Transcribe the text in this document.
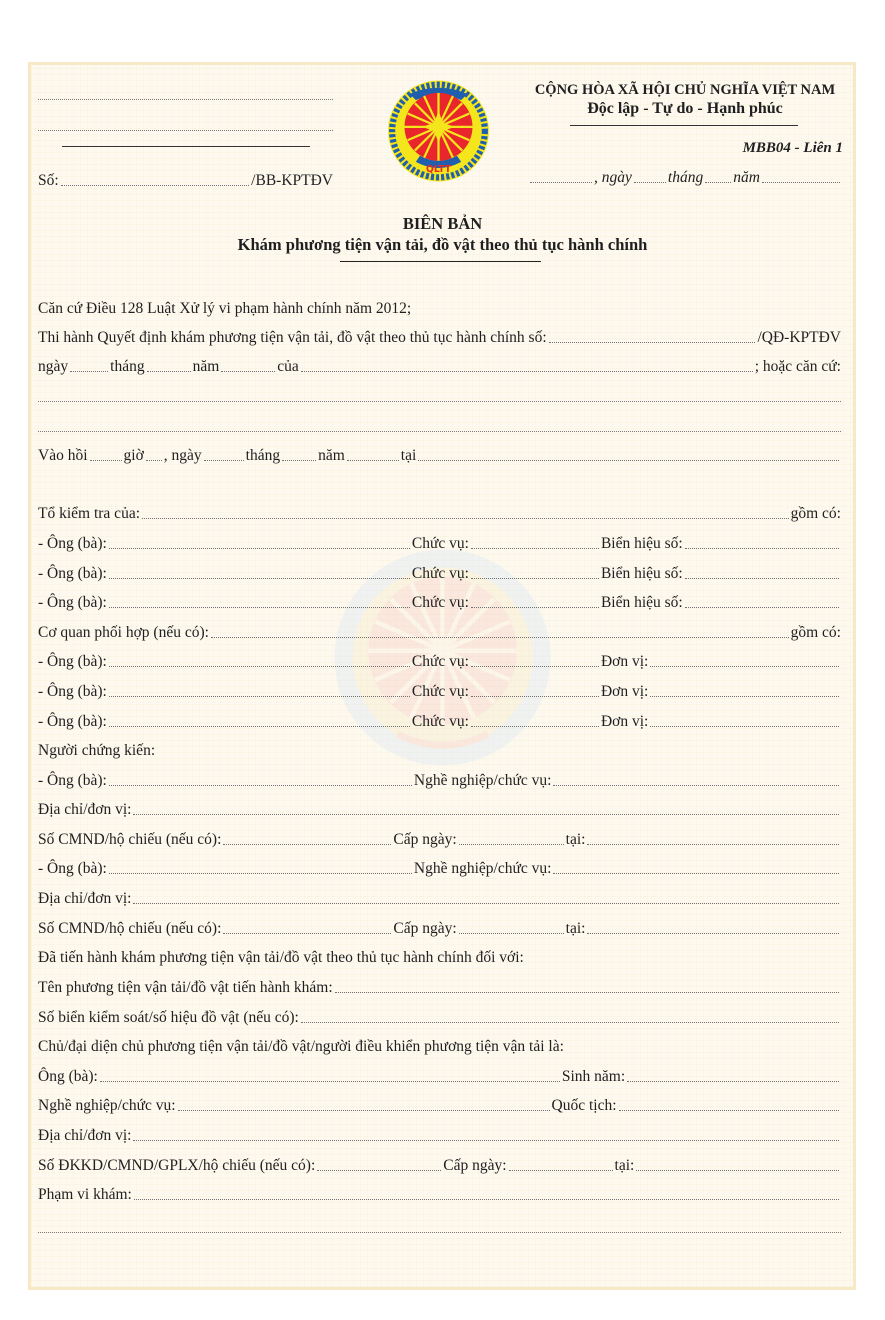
Số:	/BB-KPTĐV
QLTT
CỘNG HÒA XÃ HỘI CHỦ NGHĨA VIỆT NAM
Độc lập - Tự do - Hạnh phúc
MBB04 - Liên 1
, ngày tháng năm
BIÊN BẢN
Khám phương tiện vận tải, đồ vật theo thủ tục hành chính
Căn cứ Điều 128 Luật Xử lý vi phạm hành chính năm 2012;
Thi hành Quyết định khám phương tiện vận tải, đồ vật theo thủ tục hành chính số:	/QĐ-KPTĐV
ngày	tháng	năm	của	; hoặc căn cứ:
Vào hồi giờ , ngày	tháng năm	tại
Tổ kiểm tra của:	gồm có:
- Ông (bà):	Chức vụ:	Biển hiệu số:
- Ông (bà):	Chức vụ:	Biển hiệu số:
- Ông (bà):	Chức vụ:	Biển hiệu số:
Cơ quan phối hợp (nếu có):	gồm có:
- Ông (bà):	Chức vụ:	Đơn vị:
- Ông (bà):	Chức vụ:	Đơn vị:
- Ông (bà):	Chức vụ:	Đơn vị:
Người chứng kiến:
- Ông (bà):	Nghề nghiệp/chức vụ:
Địa chỉ/đơn vị:
Số CMND/hộ chiếu (nếu có):	Cấp ngày:	tại:
- Ông (bà):	Nghề nghiệp/chức vụ:
Địa chỉ/đơn vị:
Số CMND/hộ chiếu (nếu có):	Cấp ngày:	tại:
Đã tiến hành khám phương tiện vận tải/đồ vật theo thủ tục hành chính đối với:
Tên phương tiện vận tải/đồ vật tiến hành khám:
Số biển kiểm soát/số hiệu đồ vật (nếu có):
Chủ/đại diện chủ phương tiện vận tải/đồ vật/người điều khiển phương tiện vận tải là:
Ông (bà):	Sinh năm:
Nghề nghiệp/chức vụ:	Quốc tịch:
Địa chỉ/đơn vị:
Số ĐKKD/CMND/GPLX/hộ chiếu (nếu có):	Cấp ngày:	tại:
Phạm vi khám:
